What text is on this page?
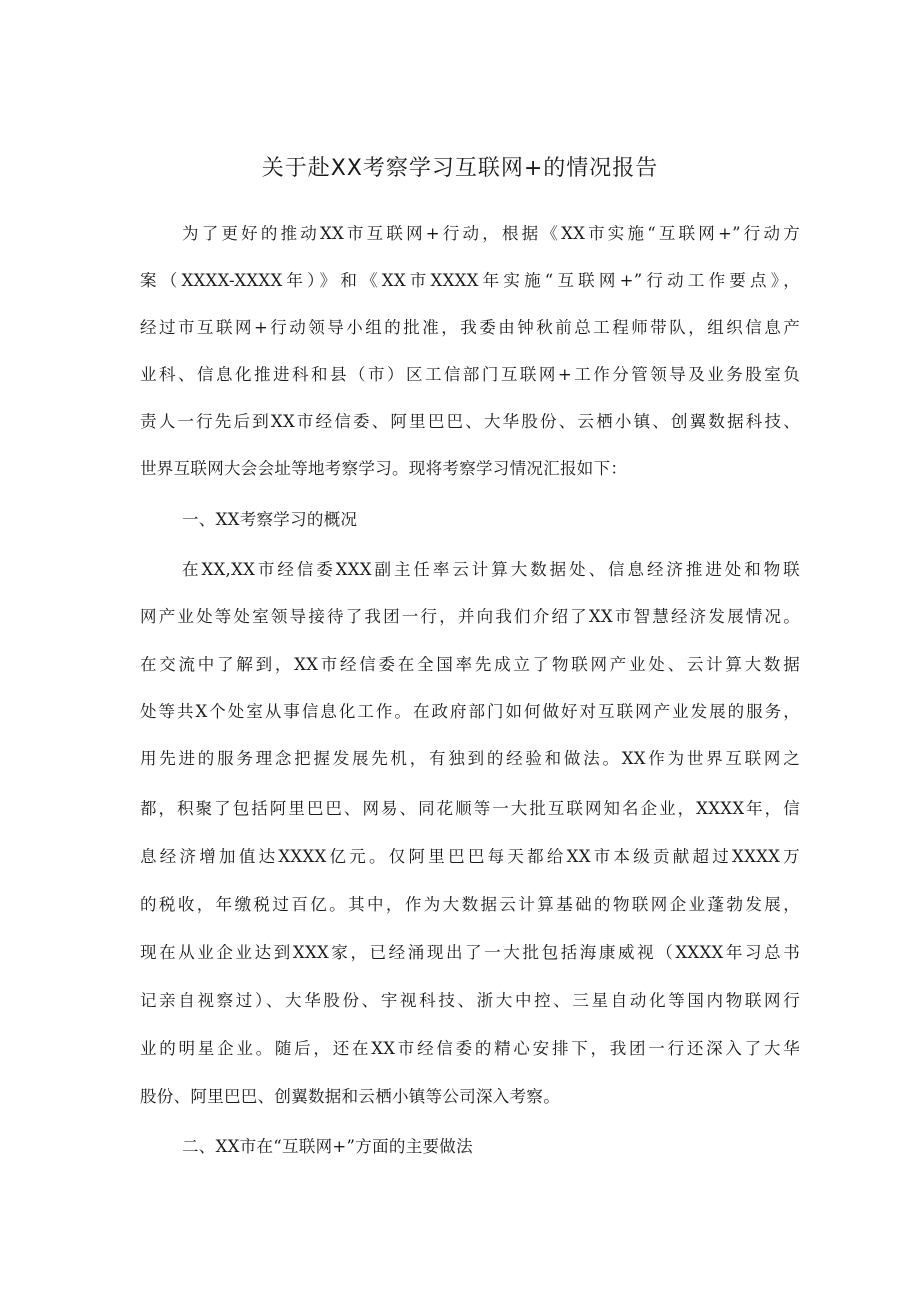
关于赴XX考察学习互联网+的情况报告
为了更好的推动XX市互联网+行动，根据《XX市实施“互联网+”行动方
案（XXXX-XXXX年）》和《XX市XXXX年实施“互联网+”行动工作要点》，
经过市互联网+行动领导小组的批准，我委由钟秋前总工程师带队，组织信息产
业科、信息化推进科和县（市）区工信部门互联网+工作分管领导及业务股室负
责人一行先后到XX市经信委、阿里巴巴、大华股份、云栖小镇、创翼数据科技、
世界互联网大会会址等地考察学习。现将考察学习情况汇报如下：
一、XX考察学习的概况
在XX,XX市经信委XXX副主任率云计算大数据处、信息经济推进处和物联
网产业处等处室领导接待了我团一行，并向我们介绍了XX市智慧经济发展情况。
在交流中了解到，XX市经信委在全国率先成立了物联网产业处、云计算大数据
处等共X个处室从事信息化工作。在政府部门如何做好对互联网产业发展的服务，
用先进的服务理念把握发展先机，有独到的经验和做法。XX作为世界互联网之
都，积聚了包括阿里巴巴、网易、同花顺等一大批互联网知名企业，XXXX年，信
息经济增加值达XXXX亿元。仅阿里巴巴每天都给XX市本级贡献超过XXXX万
的税收，年缴税过百亿。其中，作为大数据云计算基础的物联网企业蓬勃发展，
现在从业企业达到XXX家，已经涌现出了一大批包括海康威视（XXXX年习总书
记亲自视察过）、大华股份、宇视科技、浙大中控、三星自动化等国内物联网行
业的明星企业。随后，还在XX市经信委的精心安排下，我团一行还深入了大华
股份、阿里巴巴、创翼数据和云栖小镇等公司深入考察。
二、XX市在“互联网+”方面的主要做法
